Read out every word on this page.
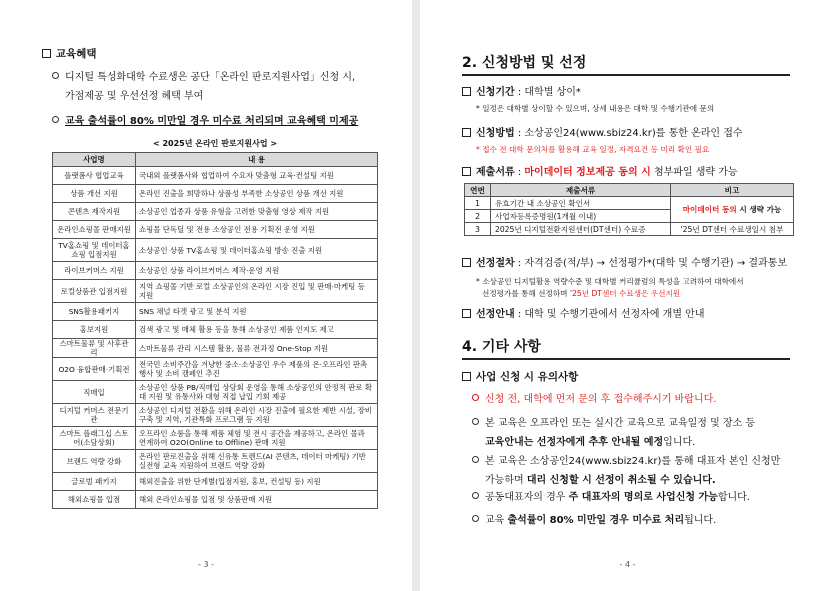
교육혜택
디지털 특성화대학 수료생은 공단「온라인 판로지원사업」신청 시,
가점제공 및 우선선정 혜택 부여
교육 출석률이 80% 미만일 경우 미수료 처리되며 교육혜택 미제공
< 2025년 온라인 판로지원사업 >
사업명	내 용
플랫폼사 협업교육	국내외 플랫폼사와 협업하여 수요자 맞춤형 교육·컨설팅 지원
상품 개선 지원	온라인 진출을 희망하나 상품성 부족한 소상공인 상품 개선 지원
콘텐츠 제작지원	소상공인 업종과 상품 유형을 고려한 맞춤형 영상 제작 지원
온라인쇼핑몰 판매지원	쇼핑몰 단독딜 및 전용 소상공인 전용 기획전 운영 지원
TV홈쇼핑 및 데이터홈쇼핑 입점지원	소상공인 상품 TV홈쇼핑 및 데이터홈쇼핑 방송 진출 지원
라이브커머스 지원	소상공인 상품 라이브커머스 제작·운영 지원
로컬상품관 입점지원	지역 쇼핑몰 기반 로컬 소상공인의 온라인 시장 진입 및 판매·마케팅 등 지원
SNS활용패키지	SNS 채널 타겟 광고 및 분석 지원
홍보지원	검색 광고 및 매체 활용 등을 통해 소상공인 제품 인지도 제고
스마트물류 및 사후관리	스마트물류 관리 시스템 활용, 물류 전과정 One-Stop 지원
O2O 융합판매·기획전	전국민 소비주간을 겨냥한 중소·소상공인 우수 제품의 온·오프라인 판촉행사 및 소비 캠페인 추진
직매입	소상공인 상품 PB/직매입 상담회 운영을 통해 소상공인의 안정적 판로 확대 지원 및 유통사와 대형 직접 납입 기회 제공
디지털 커머스 전문기관	소상공인 디지털 전환을 위해 온라인 시장 진출에 필요한 제반 시설, 장비 구축 및 지역, 기관특화 프로그램 등 지원
스마트 플래그십 스토어(소담상회)	오프라인 쇼룸을 통해 제품 체험 및 전시 공간을 제공하고, 온라인 몰과 연계하여 O2O(Online to Offline) 판매 지원
브랜드 역량 강화	온라인 판로진출을 위해 신유통 트렌드(AI 콘텐츠, 데이터 마케팅) 기반 실전형 교육 지원하여 브랜드 역량 강화
글로벌 패키지	해외진출을 위한 단계별(입점지원, 홍보, 컨설팅 등) 지원
해외쇼핑몰 입점	해외 온라인쇼핑몰 입점 및 상품판매 지원
- 3 -
2. 신청방법 및 선정
신청기간 : 대학별 상이*
* 일정은 대학별 상이할 수 있으며, 상세 내용은 대학 및 수행기관에 문의
신청방법 : 소상공인24(www.sbiz24.kr)를 통한 온라인 접수
* 접수 전 대학 문의처를 활용해 교육 일정, 자격요건 등 미리 확인 필요
제출서류 : 마이데이터 정보제공 동의 시 첨부파일 생략 가능
연번	제출서류	비고
1	유효기간 내 소상공인 확인서	마이데이터 동의 시 생략 가능
2	사업자등록증명원(1개월 이내)	
3	2025년 디지털전환지원센터(DT센터) 수료증	'25년 DT센터 수료생일시 첨부
선정절차 : 자격검증(적/부) → 선정평가*(대학 및 수행기관) → 결과통보
* 소상공인 디지털활용 역량수준 및 대학별 커리큘럼의 특성을 고려하여 대학에서
선정평가를 통해 선정하며 '25년 DT센터 수료생은 우선지원
선정안내 : 대학 및 수행기관에서 선정자에 개별 안내
4. 기타 사항
사업 신청 시 유의사항
신청 전, 대학에 먼저 문의 후 접수해주시기 바랍니다.
본 교육은 오프라인 또는 실시간 교육으로 교육일정 및 장소 등
교육안내는 선정자에게 추후 안내될 예정입니다.
본 교육은 소상공인24(www.sbiz24.kr)를 통해 대표자 본인 신청만
가능하며 대리 신청할 시 선정이 취소될 수 있습니다.
공동대표자의 경우 주 대표자의 명의로 사업신청 가능합니다.
교육 출석률이 80% 미만일 경우 미수료 처리됩니다.
- 4 -
